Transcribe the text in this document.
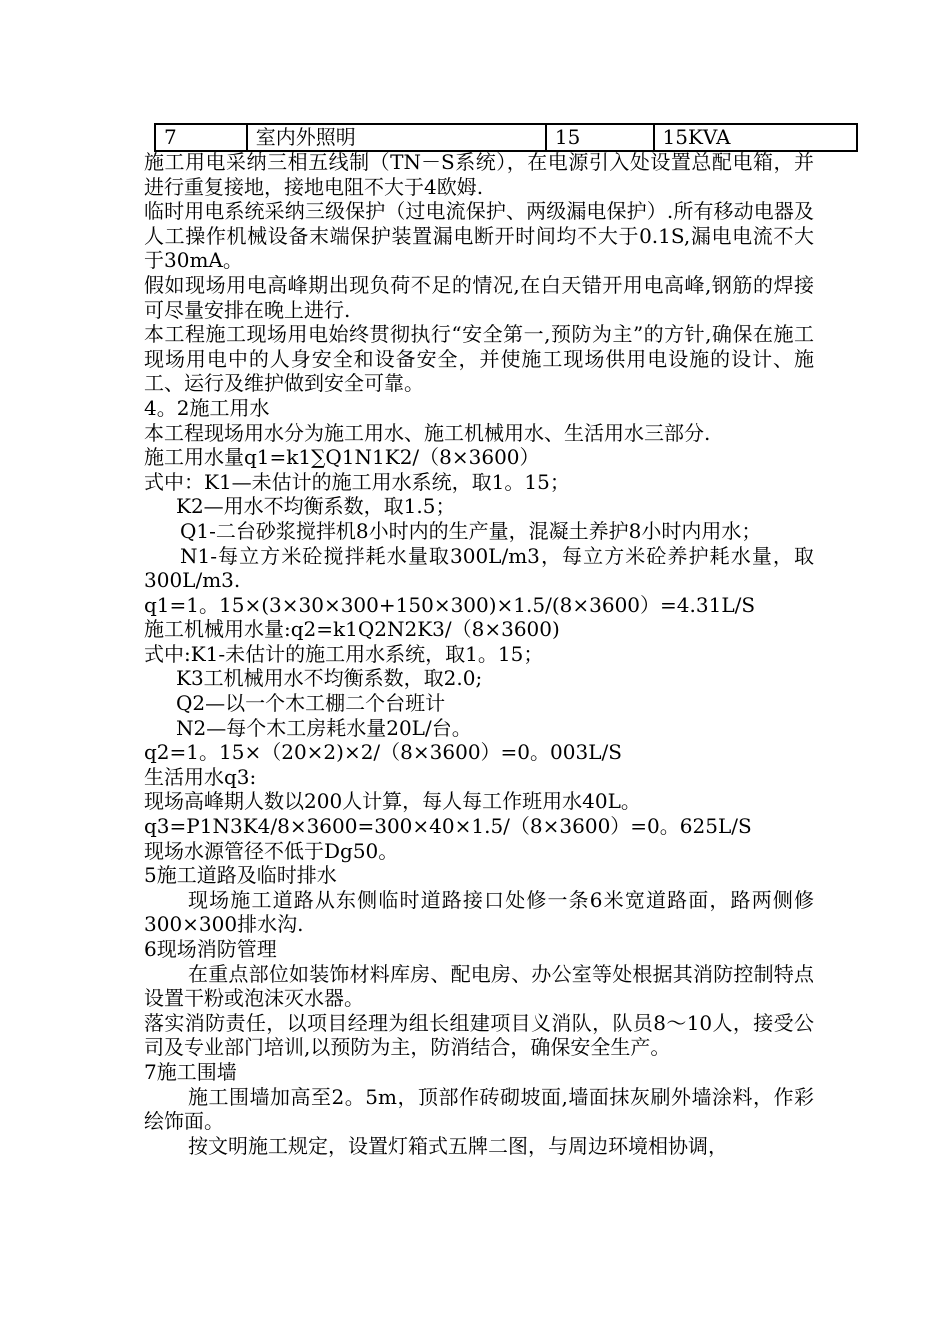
7	室内外照明	15	15KVA

施工用电采纳三相五线制（TN－S系统），在电源引入处设置总配电箱，并进行重复接地，接地电阻不大于4欧姆.

临时用电系统采纳三级保护（过电流保护、两级漏电保护）.所有移动电器及人工操作机械设备末端保护装置漏电断开时间均不大于0.1S,漏电电流不大于30mA。

假如现场用电高峰期出现负荷不足的情况,在白天错开用电高峰,钢筋的焊接可尽量安排在晚上进行.

本工程施工现场用电始终贯彻执行“安全第一,预防为主”的方针,确保在施工现场用电中的人身安全和设备安全，并使施工现场供用电设施的设计、施工、运行及维护做到安全可靠。

4。2施工用水

本工程现场用水分为施工用水、施工机械用水、生活用水三部分.

施工用水量q1=k1∑Q1N1K2/（8×3600）

式中：K1—未估计的施工用水系统，取1。15；

K2—用水不均衡系数，取1.5；

Q1-二台砂浆搅拌机8小时内的生产量，混凝土养护8小时内用水；

N1-每立方米砼搅拌耗水量取300L/m3，每立方米砼养护耗水量，取300L/m3.

q1=1。15×(3×30×300+150×300)×1.5/(8×3600）=4.31L/S

施工机械用水量:q2=k1Q2N2K3/（8×3600)

式中:K1-未估计的施工用水系统，取1。15；

K3工机械用水不均衡系数，取2.0;

Q2—以一个木工棚二个台班计

N2—每个木工房耗水量20L/台。

q2=1。15×（20×2)×2/（8×3600）=0。003L/S

生活用水q3:

现场高峰期人数以200人计算，每人每工作班用水40L。

q3=P1N3K4/8×3600=300×40×1.5/（8×3600）=0。625L/S

现场水源管径不低于Dg50。

5施工道路及临时排水

现场施工道路从东侧临时道路接口处修一条6米宽道路面，路两侧修300×300排水沟.

6现场消防管理

在重点部位如装饰材料库房、配电房、办公室等处根据其消防控制特点设置干粉或泡沫灭水器。

落实消防责任，以项目经理为组长组建项目义消队，队员8～10人，接受公司及专业部门培训,以预防为主，防消结合，确保安全生产。

7施工围墙

施工围墙加高至2。5m，顶部作砖砌坡面,墙面抹灰刷外墙涂料，作彩绘饰面。

按文明施工规定，设置灯箱式五牌二图，与周边环境相协调，
